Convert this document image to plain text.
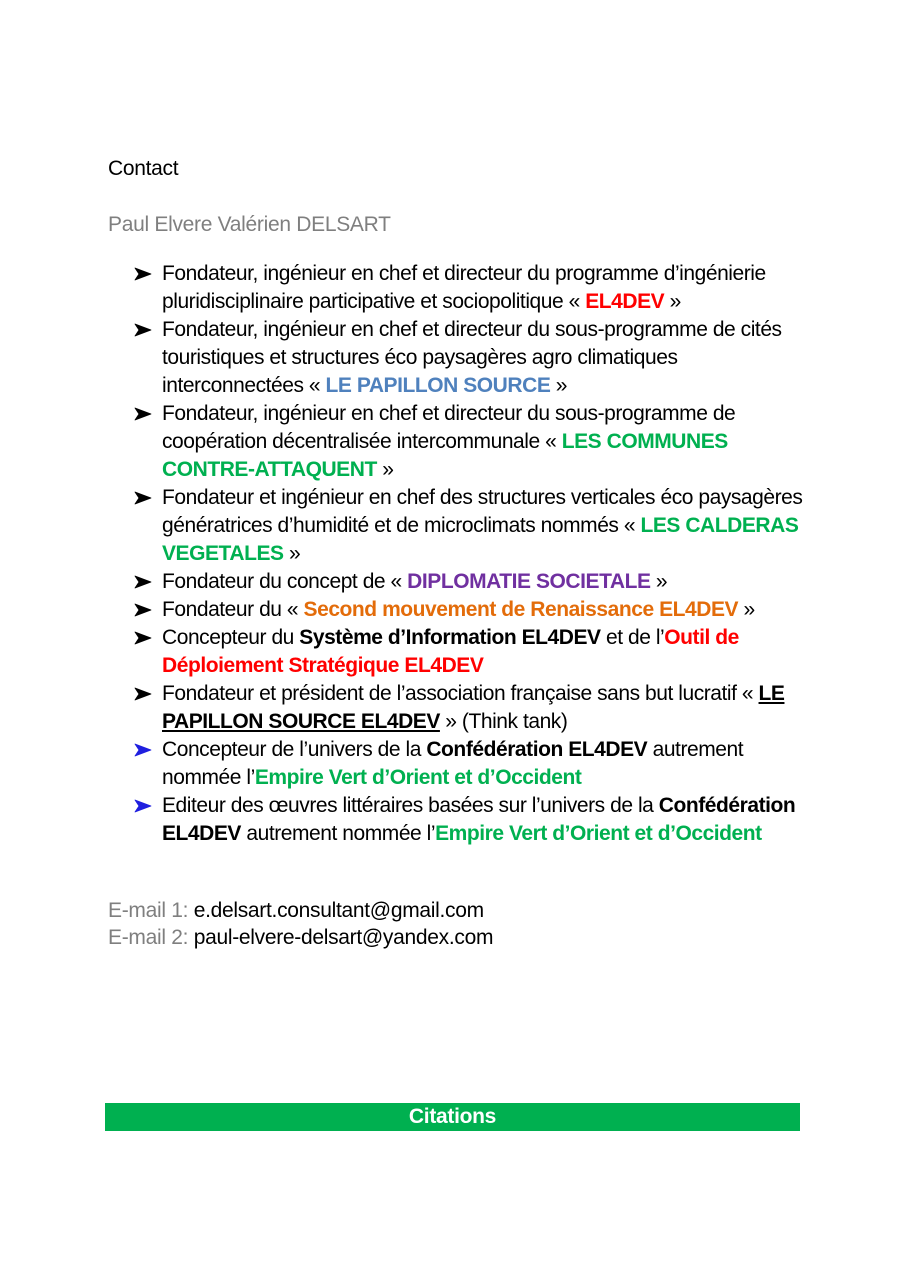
Contact
Paul Elvere Valérien DELSART
Fondateur, ingénieur en chef et directeur du programme d’ingénierie pluridisciplinaire participative et sociopolitique « EL4DEV »
Fondateur, ingénieur en chef et directeur du sous-programme de cités touristiques et structures éco paysagères agro climatiques interconnectées « LE PAPILLON SOURCE »
Fondateur, ingénieur en chef et directeur du sous-programme de coopération décentralisée intercommunale « LES COMMUNES CONTRE-ATTAQUENT »
Fondateur et ingénieur en chef des structures verticales éco paysagères génératrices d’humidité et de microclimats nommés « LES CALDERAS VEGETALES »
Fondateur du concept de « DIPLOMATIE SOCIETALE »
Fondateur du « Second mouvement de Renaissance EL4DEV »
Concepteur du Système d’Information EL4DEV et de l’Outil de Déploiement Stratégique EL4DEV
Fondateur et président de l’association française sans but lucratif « LE PAPILLON SOURCE EL4DEV » (Think tank)
Concepteur de l’univers de la Confédération EL4DEV autrement nommée l’Empire Vert d’Orient et d’Occident
Editeur des œuvres littéraires basées sur l’univers de la Confédération EL4DEV autrement nommée l’Empire Vert d’Orient et d’Occident
E-mail 1: e.delsart.consultant@gmail.com
E-mail 2: paul-elvere-delsart@yandex.com
Citations
